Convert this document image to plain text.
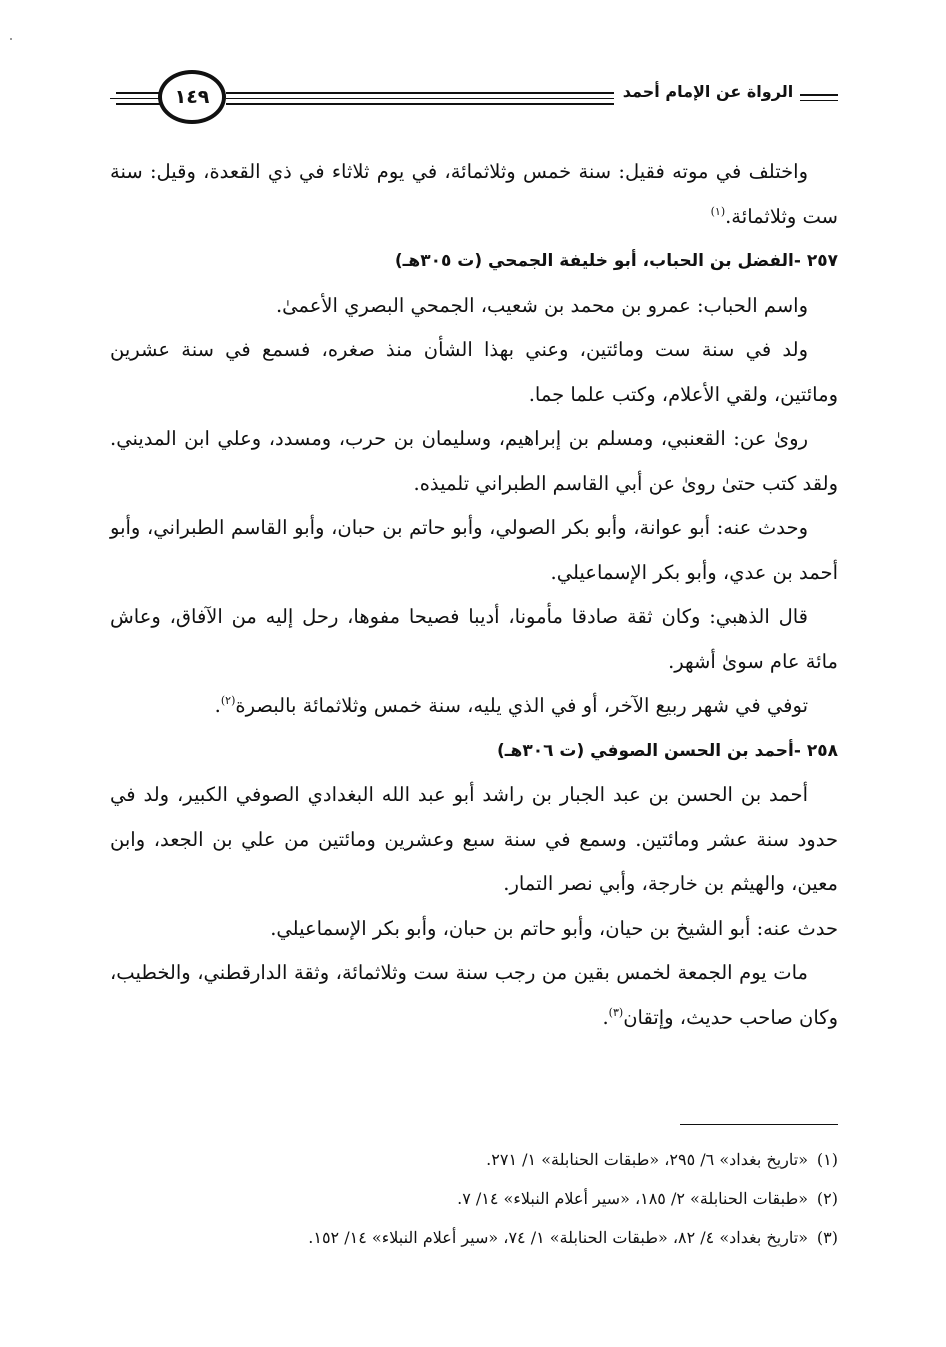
١٤٩	الرواة عن الإمام أحمد

واختلف في موته فقيل: سنة خمس وثلاثمائة، في يوم ثلاثاء في ذي القعدة، وقيل: سنة ست وثلاثمائة.$^{(١)}$

٢٥٧ -الفضل بن الحباب، أبو خليفة الجمحي (ت ٣٠٥هـ)

واسم الحباب: عمرو بن محمد بن شعيب، الجمحي البصري الأعمىٰ.

ولد في سنة ست ومائتين، وعني بهذا الشأن منذ صغره، فسمع في سنة عشرين ومائتين، ولقي الأعلام، وكتب علما جما.

رویٰ عن: القعنبي، ومسلم بن إبراهيم، وسليمان بن حرب، ومسدد، وعلي ابن المديني. ولقد كتب حتىٰ رویٰ عن أبي القاسم الطبراني تلميذه.

وحدث عنه: أبو عوانة، وأبو بكر الصولي، وأبو حاتم بن حبان، وأبو القاسم الطبراني، وأبو أحمد بن عدي، وأبو بكر الإسماعيلي.

قال الذهبي: وكان ثقة صادقا مأمونا، أديبا فصيحا مفوها، رحل إليه من الآفاق، وعاش مائة عام سوىٰ أشهر.

توفي في شهر ربيع الآخر، أو في الذي يليه، سنة خمس وثلاثمائة بالبصرة$^{(٢)}$.

٢٥٨ -أحمد بن الحسن الصوفي (ت ٣٠٦هـ)

أحمد بن الحسن بن عبد الجبار بن راشد أبو عبد الله البغدادي الصوفي الكبير، ولد في حدود سنة عشر ومائتين. وسمع في سنة سبع وعشرين ومائتين من علي بن الجعد، وابن معين، والهيثم بن خارجة، وأبي نصر التمار.

حدث عنه: أبو الشيخ بن حيان، وأبو حاتم بن حبان، وأبو بكر الإسماعيلي.

مات يوم الجمعة لخمس بقين من رجب سنة ست وثلاثمائة، وثقة الدارقطني، والخطيب، وكان صاحب حديث، وإتقان$^{(٣)}$.

(١)«تاريخ بغداد» ٦/ ٢٩٥، «طبقات الحنابلة» ١/ ٢٧١.

(٢)«طبقات الحنابلة» ٢/ ١٨٥، «سير أعلام النبلاء» ١٤/ ٧.

(٣)«تاريخ بغداد» ٤/ ٨٢، «طبقات الحنابلة» ١/ ٧٤، «سير أعلام النبلاء» ١٤/ ١٥٢.
